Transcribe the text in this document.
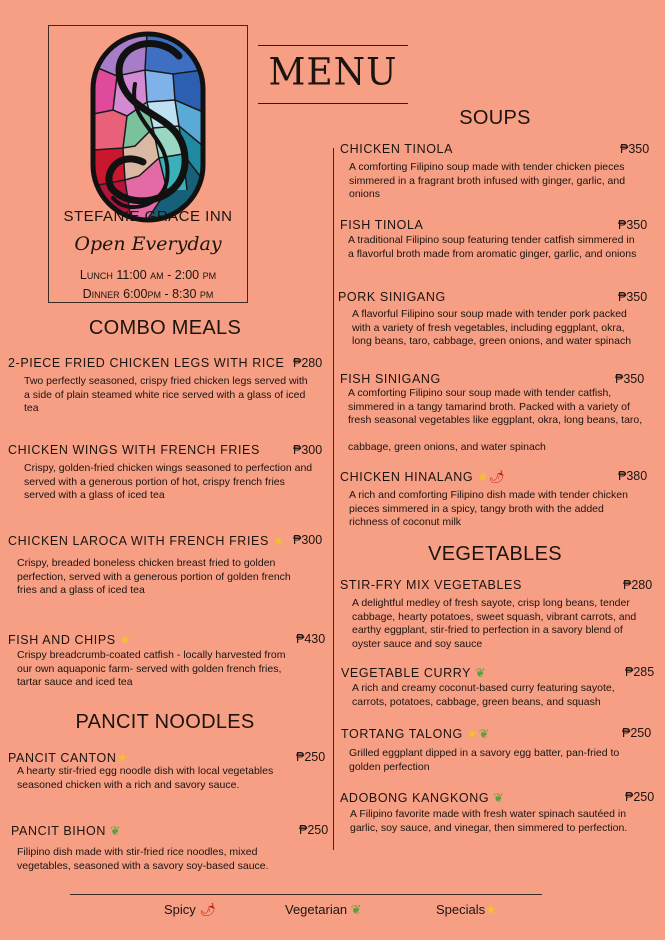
STEFANIE GRACE INN
Open Everyday
Lunch 11:00 am - 2:00 pm
Dinner 6:00pm - 8:30 pm
MENU
COMBO MEALS
2-PIECE FRIED CHICKEN LEGS WITH RICE ₱280
Two perfectly seasoned, crispy fried chicken legs served with a side of plain steamed white rice served with a glass of iced tea
CHICKEN WINGS WITH FRENCH FRIES	₱300
Crispy, golden-fried chicken wings seasoned to perfection and served with a generous portion of hot, crispy french fries served with a glass of iced tea
CHICKEN LAROCA WITH FRENCH FRIES ★ ₱300
Crispy, breaded boneless chicken breast fried to golden perfection, served with a generous portion of golden french fries and a glass of iced tea
FISH AND CHIPS ★	₱430
Crispy breadcrumb-coated catfish - locally harvested from our own aquaponic farm- served with golden french fries, tartar sauce and iced tea
PANCIT NOODLES
PANCIT CANTON★	₱250
A hearty stir-fried egg noodle dish with local vegetables seasoned chicken with a rich and savory sauce.
PANCIT BIHON ❦	₱250
Filipino dish made with stir-fried rice noodles, mixed vegetables, seasoned with a savory soy-based sauce.
SOUPS
CHICKEN TINOLA	₱350
A comforting Filipino soup made with tender chicken pieces simmered in a fragrant broth infused with ginger, garlic, and onions
FISH TINOLA	₱350
A traditional Filipino soup featuring tender catfish simmered in a flavorful broth made from aromatic ginger, garlic, and onions
PORK SINIGANG	₱350
A flavorful Filipino sour soup made with tender pork packed with a variety of fresh vegetables, including eggplant, okra, long beans, taro, cabbage, green onions, and water spinach
FISH SINIGANG	₱350
A comforting Filipino sour soup made with tender catfish, simmered in a tangy tamarind broth. Packed with a variety of fresh seasonal vegetables like eggplant, okra, long beans, taro,
cabbage, green onions, and water spinach
CHICKEN HINALANG ★🌶	₱380
A rich and comforting Filipino dish made with tender chicken pieces simmered in a spicy, tangy broth with the added richness of coconut milk
VEGETABLES
STIR-FRY MIX VEGETABLES	₱280
A delightful medley of fresh sayote, crisp long beans, tender cabbage, hearty potatoes, sweet squash, vibrant carrots, and earthy eggplant, stir-fried to perfection in a savory blend of oyster sauce and soy sauce
VEGETABLE CURRY ❦	₱285
A rich and creamy coconut-based curry featuring sayote, carrots, potatoes, cabbage, green beans, and squash
TORTANG TALONG ★❦	₱250
Grilled eggplant dipped in a savory egg batter, pan-fried to golden perfection
ADOBONG KANGKONG ❦	₱250
A Filipino favorite made with fresh water spinach sautéed in garlic, soy sauce, and vinegar, then simmered to perfection.
Spicy 🌶	Vegetarian ❦	Specials★
